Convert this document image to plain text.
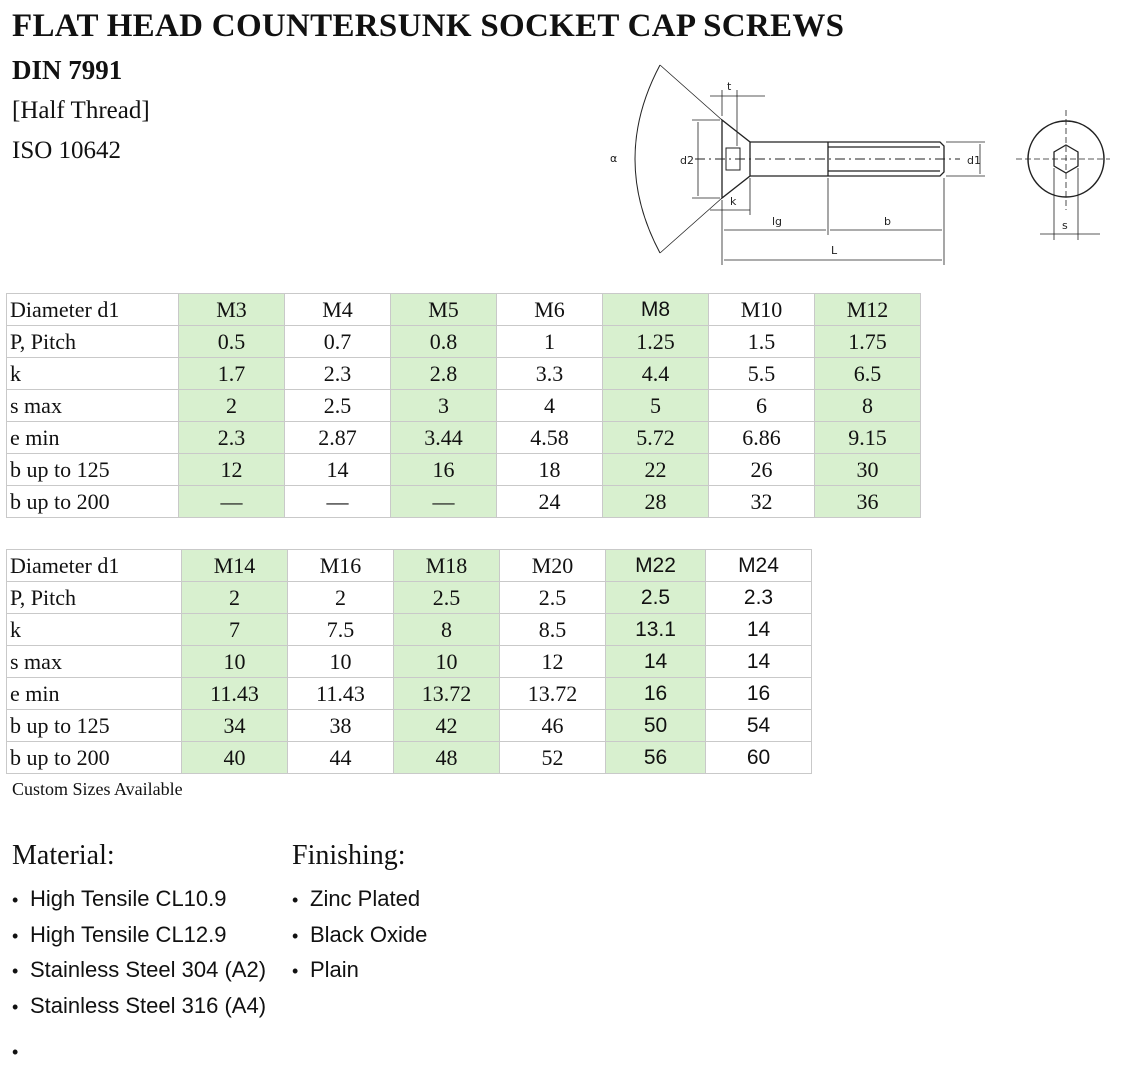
FLAT HEAD COUNTERSUNK SOCKET CAP SCREWS
DIN 7991
[Half Thread]
ISO 10642	α
t
d2	d1
k
lg	b
L
s
Diameter d1	M3	M4	M5	M6	M8	M10	M12
P, Pitch	0.5	0.7	0.8	1	1.25	1.5	1.75
k	1.7	2.3	2.8	3.3	4.4	5.5	6.5
s max	2	2.5	3	4	5	6	8
e min	2.3	2.87	3.44	4.58	5.72	6.86	9.15
b up to 125	12	14	16	18	22	26	30
b up to 200	—	—	—	24	28	32	36
Diameter d1	M14	M16	M18	M20	M22	M24
P, Pitch	2	2	2.5	2.5	2.5	2.3
k	7	7.5	8	8.5	13.1	14
s max	10	10	10	12	14	14
e min	11.43	11.43	13.72	13.72	16	16
b up to 125	34	38	42	46	50	54
b up to 200	40	44	48	52	56	60
Custom Sizes Available
Material:	Finishing:
• High Tensile CL10.9
• High Tensile CL12.9
• Stainless Steel 304 (A2)
• Stainless Steel 316 (A4)
• Zinc Plated
• Black Oxide
• Plain
•
